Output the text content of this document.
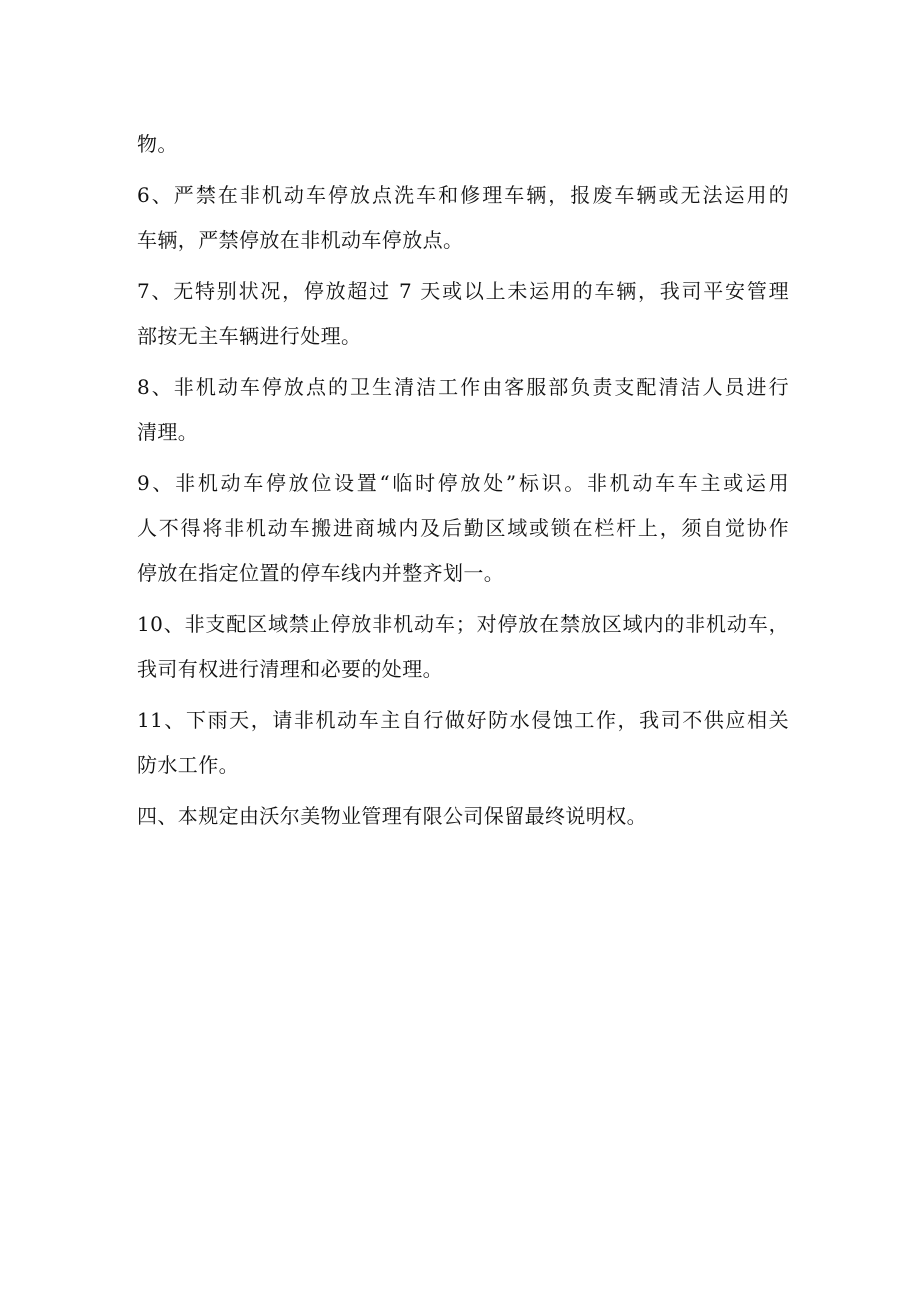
物。

6、严禁在非机动车停放点洗车和修理车辆，报废车辆或无法运用的
车辆，严禁停放在非机动车停放点。

7、无特别状况，停放超过 7 天或以上未运用的车辆，我司平安管理
部按无主车辆进行处理。

8、非机动车停放点的卫生清洁工作由客服部负责支配清洁人员进行
清理。

9、非机动车停放位设置“临时停放处”标识。非机动车车主或运用
人不得将非机动车搬进商城内及后勤区域或锁在栏杆上，须自觉协作
停放在指定位置的停车线内并整齐划一。

10、非支配区域禁止停放非机动车；对停放在禁放区域内的非机动车，
我司有权进行清理和必要的处理。

11、下雨天，请非机动车主自行做好防水侵蚀工作，我司不供应相关
防水工作。

四、本规定由沃尔美物业管理有限公司保留最终说明权。
